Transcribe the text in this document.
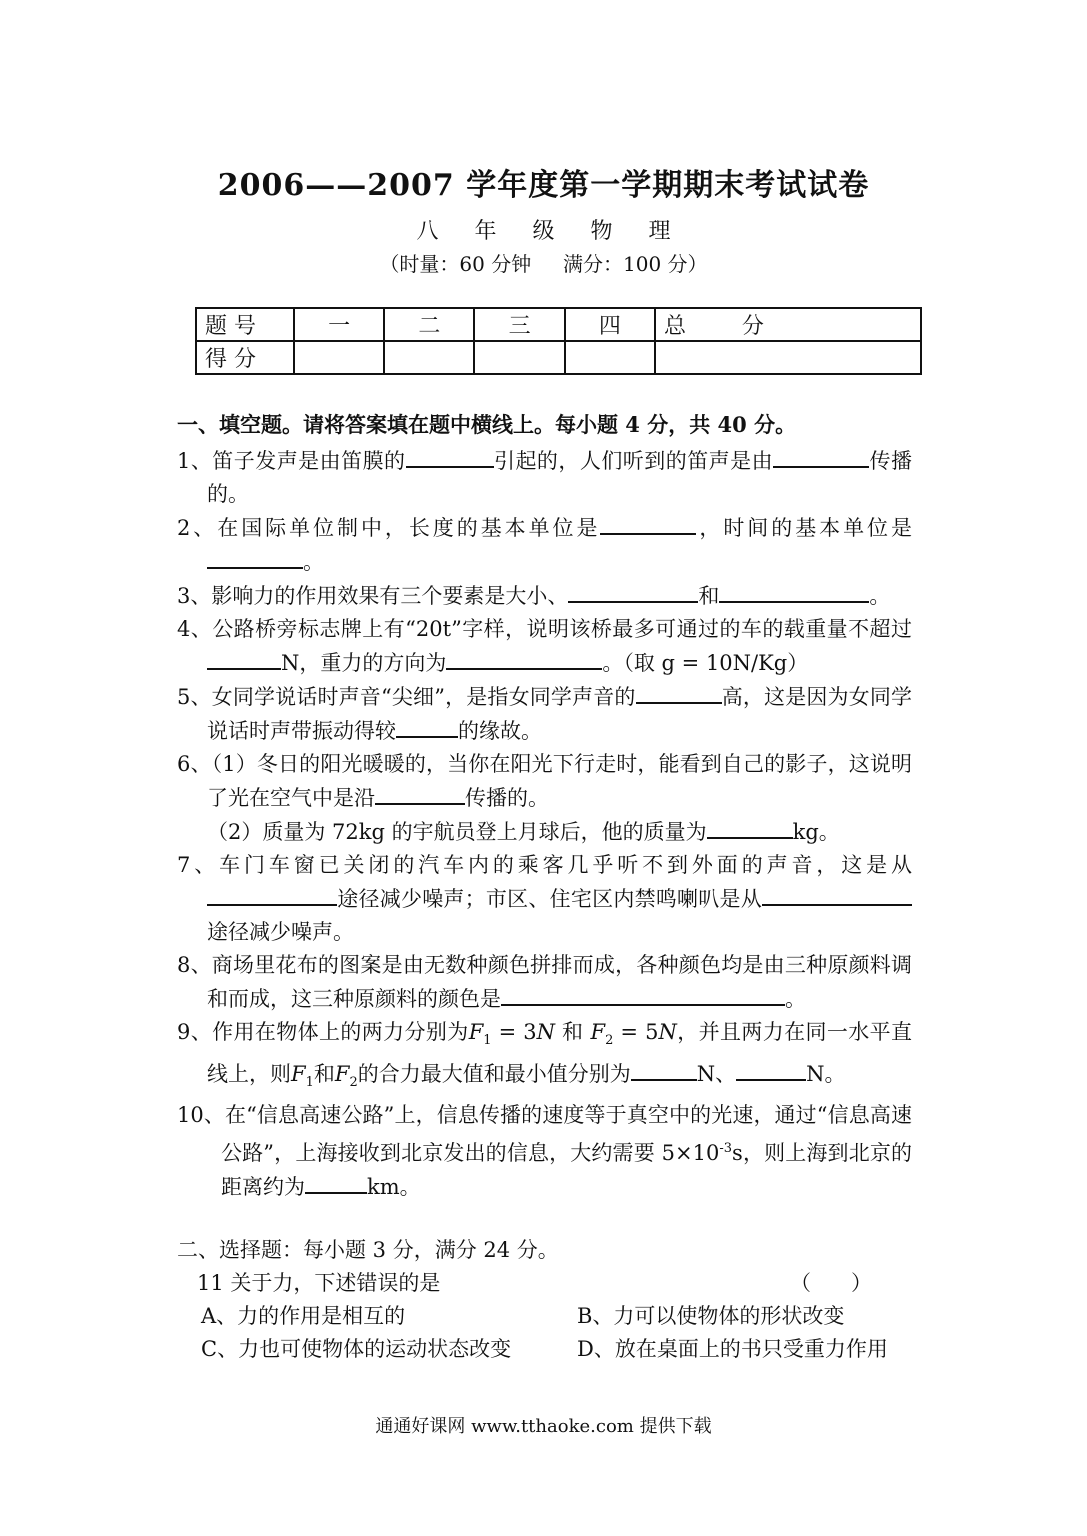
2006——2007 学年度第一学期期末考试试卷
八年级物理
（时量：60 分钟     满分：100 分）
题 号	一	二	三	四	总        分
得 分					
一、填空题。请将答案填在题中横线上。每小题 4 分，共 40 分。
1、笛子发声是由笛膜的	引起的，人们听到的笛声是由	传播的。
2、在国际单位制中，长度的基本单位是	，时间的基本单位是。
3、影响力的作用效果有三个要素是大小、	和	。
4、公路桥旁标志牌上有“20t”字样，说明该桥最多可通过的车的载重量不超过N，重力的方向为	。（取 g = 10N/Kg）
5、女同学说话时声音“尖细”，是指女同学声音的	高，这是因为女同学说话时声带振动得较	的缘故。
6、（1）冬日的阳光暖暖的，当你在阳光下行走时，能看到自己的影子，这说明了光在空气中是沿	传播的。
（2）质量为 72kg 的宇航员登上月球后，他的质量为	kg。
7、车门车窗已关闭的汽车内的乘客几乎听不到外面的声音，这是从途径减少噪声；市区、住宅区内禁鸣喇叭是从途径减少噪声。
8、商场里花布的图案是由无数种颜色拼排而成，各种颜色均是由三种原颜料调和而成，这三种原颜料的颜色是	。
9、作用在物体上的两力分别为$F_1 = 3N$ 和 $F_2 = 5N$，并且两力在同一水平直线上，则$F_1$和$F_2$的合力最大值和最小值分别为	N、	N。
10、在“信息高速公路”上，信息传播的速度等于真空中的光速，通过“信息高速公路”，上海接收到北京发出的信息，大约需要 $5\times 10^{-3}s$，则上海到北京的距离约为	km。
二、选择题：每小题 3 分，满分 24 分。
11 关于力，下述错误的是	（      ）
A、力的作用是相互的	B、力可以使物体的形状改变
C、力也可使物体的运动状态改变	D、放在桌面上的书只受重力作用
通通好课网 www.tthaoke.com 提供下载
